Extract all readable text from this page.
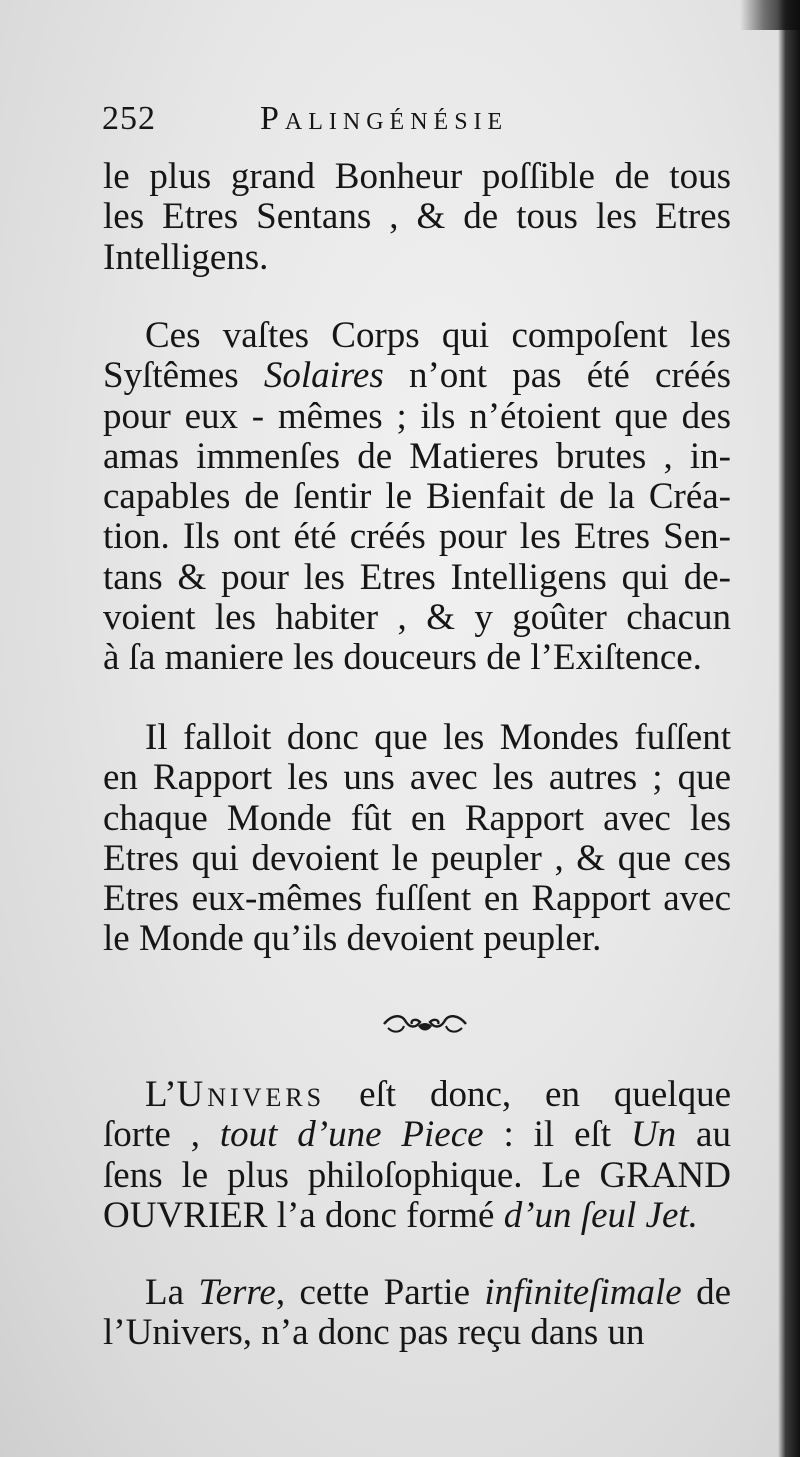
252	Palingénésie
le plus grand Bonheur poſſible de tous
les Etres Sentans , & de tous les Etres
Intelligens.
Ces vaſtes Corps qui compoſent les
Syſtêmes Solaires n’ont pas été créés
pour eux - mêmes ; ils n’étoient que des
amas immenſes de Matieres brutes , in-
capables de ſentir le Bienfait de la Créa-
tion. Ils ont été créés pour les Etres Sen-
tans & pour les Etres Intelligens qui de-
voient les habiter , & y goûter chacun
à ſa maniere les douceurs de l’Exiſtence.
Il falloit donc que les Mondes fuſſent
en Rapport les uns avec les autres ; que
chaque Monde fût en Rapport avec les
Etres qui devoient le peupler , & que ces
Etres eux-mêmes fuſſent en Rapport avec
le Monde qu’ils devoient peupler.
L’Univers eſt donc, en quelque
ſorte , tout d’une Piece : il eſt Un au
ſens le plus philoſophique. Le GRAND
OUVRIER l’a donc formé d’un ſeul Jet.
La Terre, cette Partie infiniteſimale de
l’Univers, n’a donc pas reçu dans un
